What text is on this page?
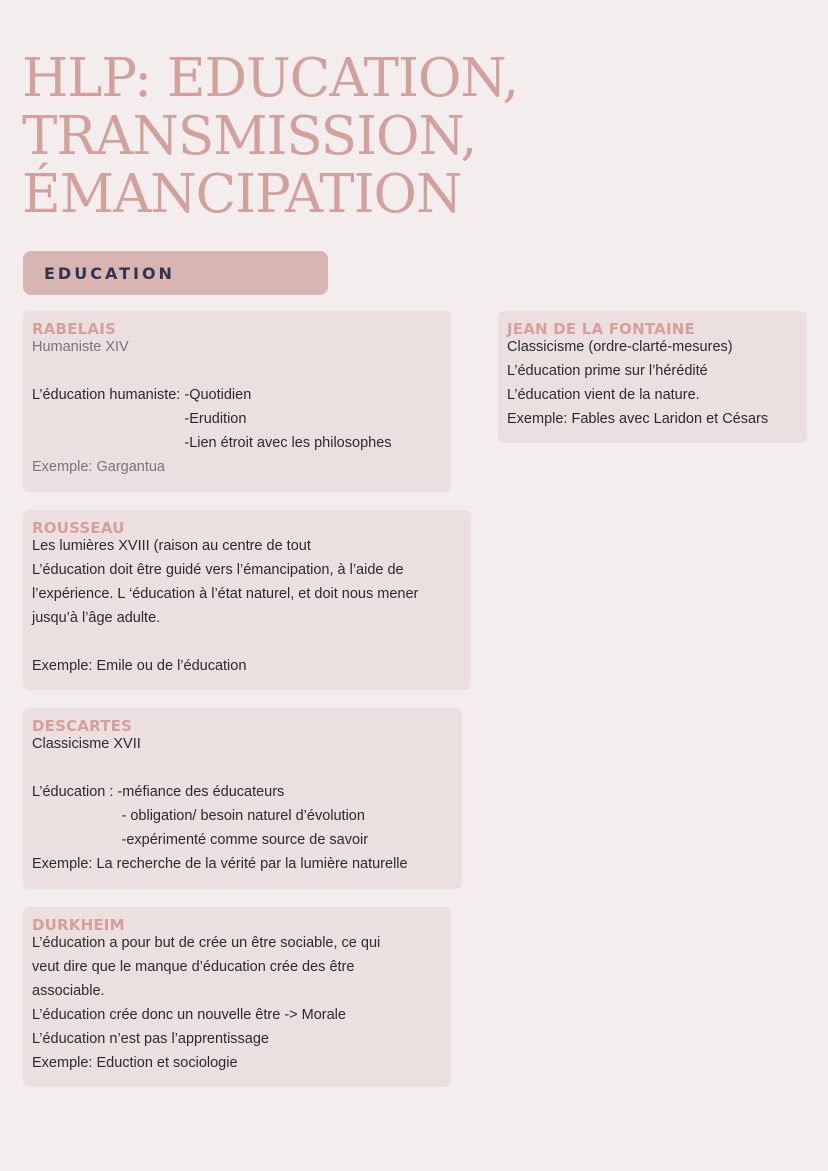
HLP: EDUCATION,
TRANSMISSION,
ÉMANCIPATION
EDUCATION
RABELAIS
Humaniste XIV
L’éducation humaniste: -Quotidien
-Erudition
-Lien étroit avec les philosophes
Exemple: Gargantua
JEAN DE LA FONTAINE
Classicisme (ordre-clarté-mesures)
L’éducation prime sur l’hérédité
L’éducation vient de la nature.
Exemple: Fables avec Laridon et Césars
ROUSSEAU
Les lumières XVIII (raison au centre de tout
L’éducation doit être guidé vers l’émancipation, à l’aide de
l’expérience. L ‘éducation à l’état naturel, et doit nous mener
jusqu’à l’âge adulte.
Exemple: Emile ou de l’éducation
DESCARTES
Classicisme XVII
L’éducation : -méfiance des éducateurs
- obligation/ besoin naturel d’évolution
-expérimenté comme source de savoir
Exemple: La recherche de la vérité par la lumière naturelle
DURKHEIM
L’éducation a pour but de crée un être sociable, ce qui
veut dire que le manque d’éducation crée des être
associable.
L’éducation crée donc un nouvelle être -> Morale
L’éducation n’est pas l’apprentissage
Exemple: Eduction et sociologie
